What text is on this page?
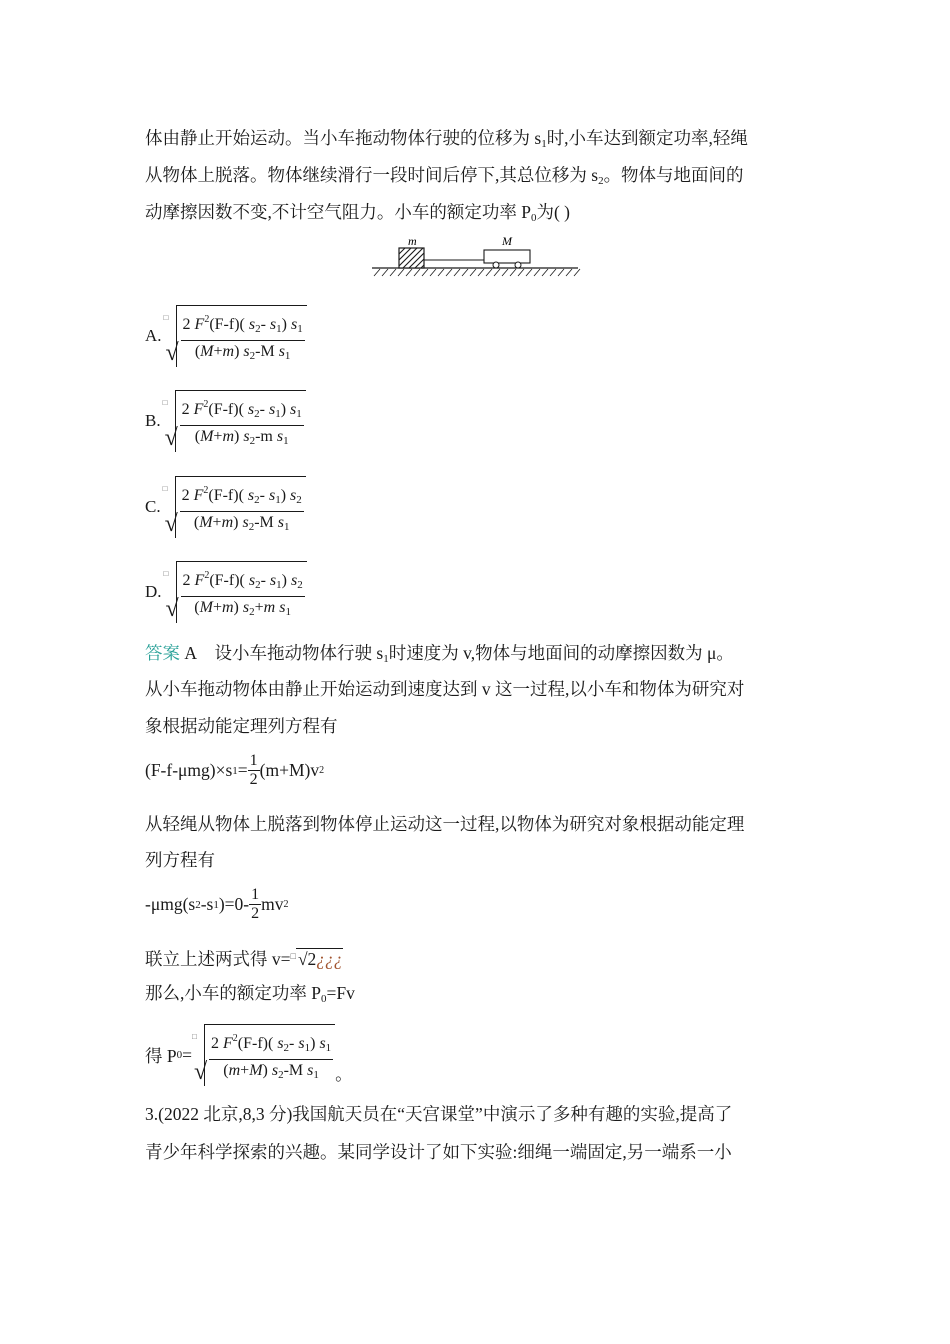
体由静止开始运动。当小车拖动物体行驶的位移为 $s_1$时,小车达到额定功率,轻绳
从物体上脱落。物体继续滑行一段时间后停下,其总位移为 $s_2$。物体与地面间的
动摩擦因数不变,不计空气阻力。小车的额定功率 $P_0$为( )
m	M
A.
□
√ $\frac{2 F^2(F-f)( s_2- s_1) s_1}{(M+m) s_2-M s_1}$
B.
□
√ $\frac{2 F^2(F-f)( s_2- s_1) s_1}{(M+m) s_2-m s_1}$
C.
□
√ $\frac{2 F^2(F-f)( s_2- s_1) s_2}{(M+m) s_2-M s_1}$
D.
□
√ $\frac{2 F^2(F-f)( s_2- s_1) s_2}{(M+m) s_2+m s_1}$
答案 A 设小车拖动物体行驶 $s_1$时速度为 v,物体与地面间的动摩擦因数为 μ。
从小车拖动物体由静止开始运动到速度达到 v 这一过程,以小车和物体为研究对
象根据动能定理列方程有
(F-f-μmg)×s $1 = \frac{1}{2} (m+M)v$ 2
从轻绳从物体上脱落到物体停止运动这一过程,以物体为研究对象根据动能定理
列方程有
-μmg(s 2 -s 1 )$=0- \frac{1}{2}$ mv 2
联立上述两式得 v=□ √2¿¿¿
那么,小车的额定功率 $P_0=Fv$
得 P 0 =
□
√ $\frac{2 F^2(F-f)( s_2- s_1) s_1}{(m+M) s_2-M s_1}$ 。
3.(2022 北京,8,3 分)我国航天员在“天宫课堂”中演示了多种有趣的实验,提高了
青少年科学探索的兴趣。某同学设计了如下实验:细绳一端固定,另一端系一小
